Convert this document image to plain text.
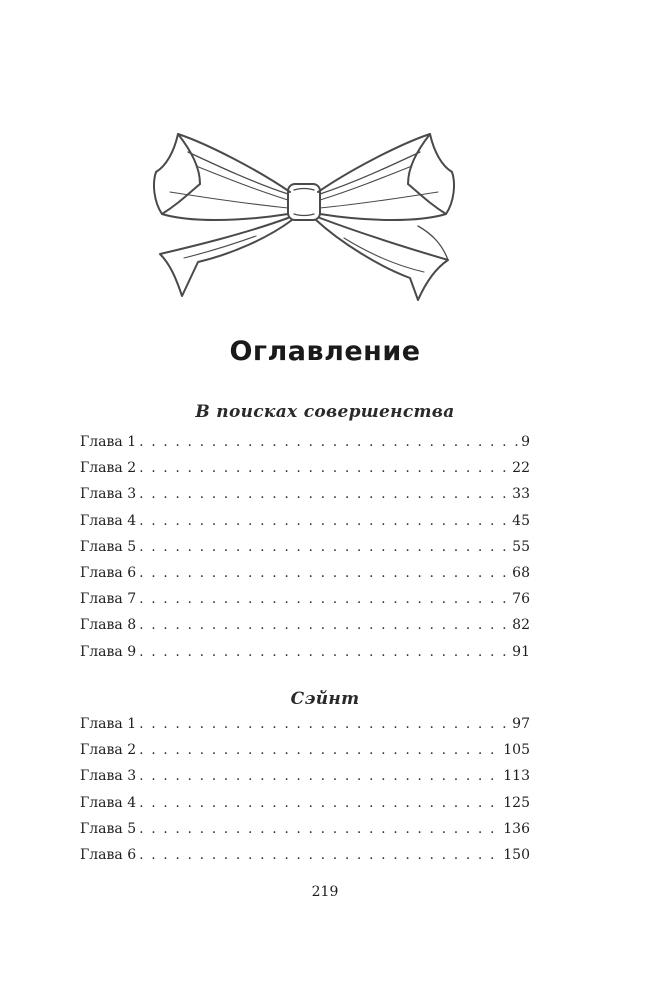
Оглавление
В поисках совершенства
Глава 1 . . .	9
Глава 2 . . .	22
Глава 3 . . .	33
Глава 4 . . .	45
Глава 5 . . .	55
Глава 6 . . .	68
Глава 7 . . .	76
Глава 8 . . .	82
Глава 9 . . .	91
Сэйнт
Глава 1 . . .	97
Глава 2 . . .	105
Глава 3 . . .	113
Глава 4 . . .	125
Глава 5 . . .	136
Глава 6 . . .	150
219
